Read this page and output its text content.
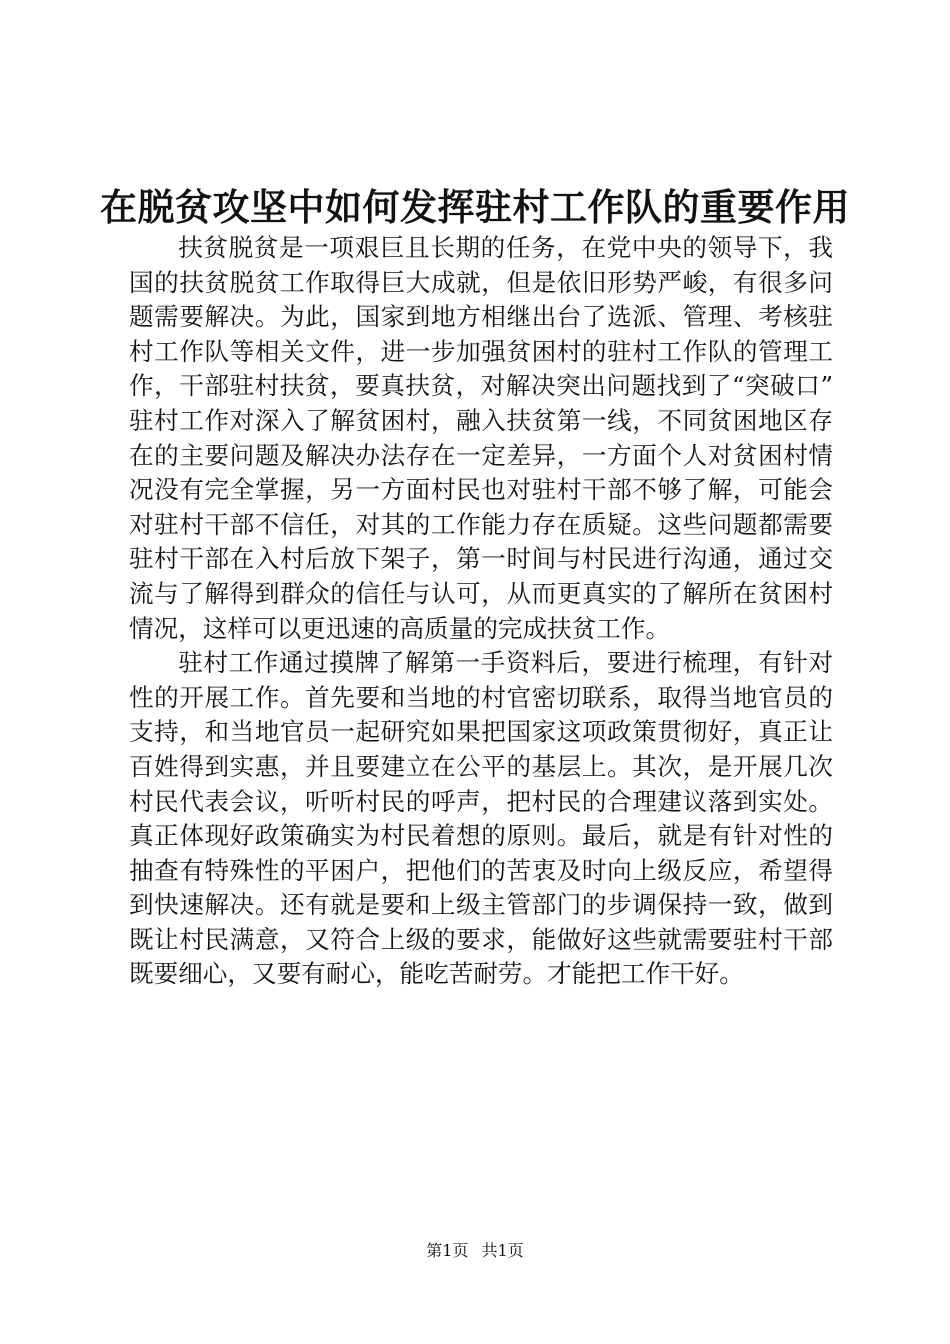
在脱贫攻坚中如何发挥驻村工作队的重要作用

扶贫脱贫是一项艰巨且长期的任务，在党中央的领导下，我国的扶贫脱贫工作取得巨大成就，但是依旧形势严峻，有很多问题需要解决。为此，国家到地方相继出台了选派、管理、考核驻村工作队等相关文件，进一步加强贫困村的驻村工作队的管理工作，干部驻村扶贫，要真扶贫，对解决突出问题找到了“突破口”驻村工作对深入了解贫困村，融入扶贫第一线，不同贫困地区存在的主要问题及解决办法存在一定差异，一方面个人对贫困村情况没有完全掌握，另一方面村民也对驻村干部不够了解，可能会对驻村干部不信任，对其的工作能力存在质疑。这些问题都需要驻村干部在入村后放下架子，第一时间与村民进行沟通，通过交流与了解得到群众的信任与认可，从而更真实的了解所在贫困村情况，这样可以更迅速的高质量的完成扶贫工作。

驻村工作通过摸牌了解第一手资料后，要进行梳理，有针对性的开展工作。首先要和当地的村官密切联系，取得当地官员的支持，和当地官员一起研究如果把国家这项政策贯彻好，真正让百姓得到实惠，并且要建立在公平的基层上。其次，是开展几次村民代表会议，听听村民的呼声，把村民的合理建议落到实处。真正体现好政策确实为村民着想的原则。最后，就是有针对性的抽查有特殊性的平困户，把他们的苦衷及时向上级反应，希望得到快速解决。还有就是要和上级主管部门的步调保持一致，做到既让村民满意，又符合上级的要求，能做好这些就需要驻村干部既要细心，又要有耐心，能吃苦耐劳。才能把工作干好。

第1页 共1页
